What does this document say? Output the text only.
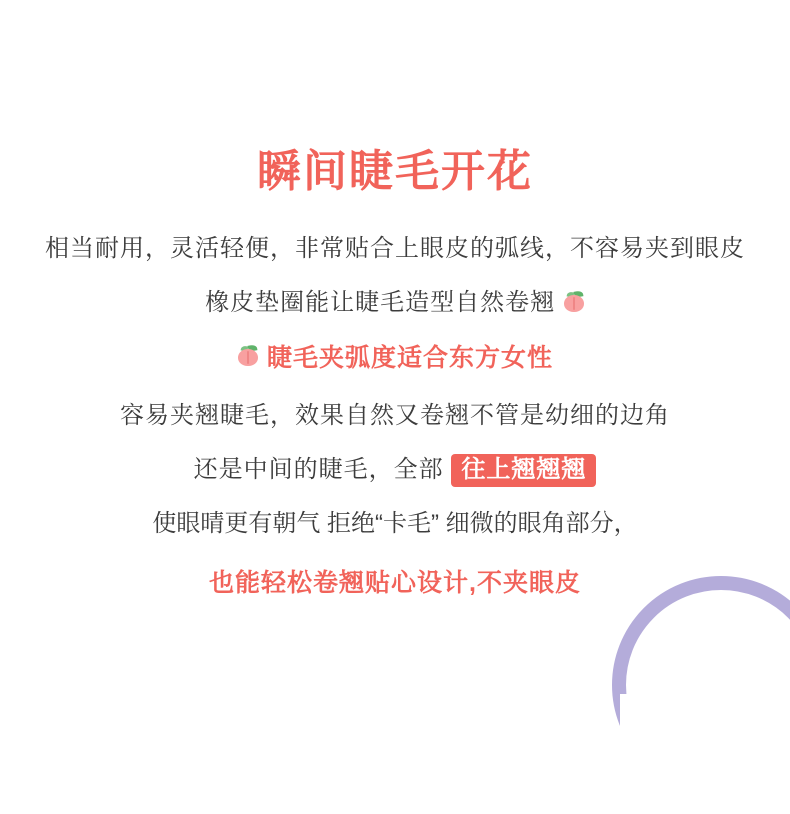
瞬间睫毛开花

相当耐用，灵活轻便，非常贴合上眼皮的弧线，不容易夹到眼皮

橡皮垫圈能让睫毛造型自然卷翘

睫毛夹弧度适合东方女性

容易夹翘睫毛，效果自然又卷翘不管是幼细的边角

还是中间的睫毛，全部 往上翘翘翘

使眼晴更有朝气 拒绝“卡毛” 细微的眼角部分，

也能轻松卷翘贴心设计,不夹眼皮
